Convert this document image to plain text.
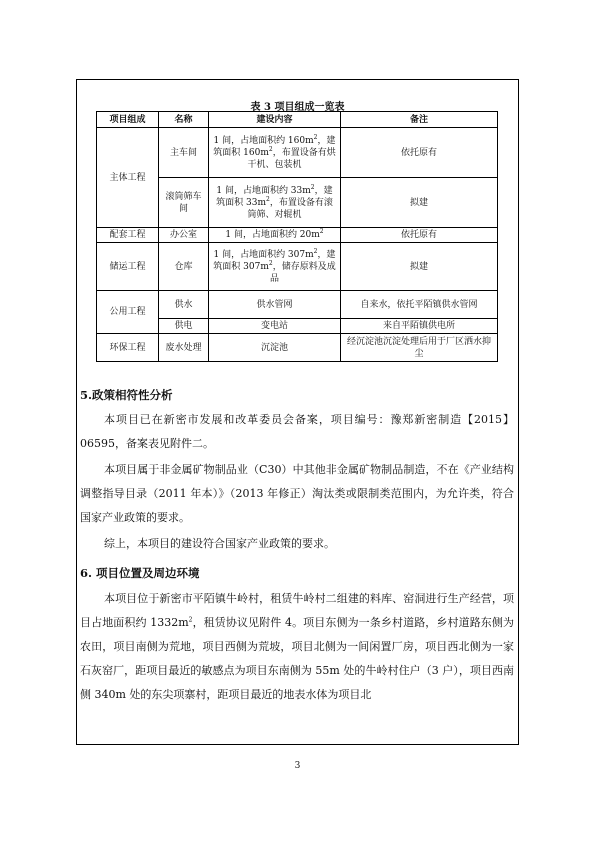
表 3 项目组成一览表
项目组成	名称	建设内容	备注
主体工程	主车间	1 间，占地面积约 $160m^2$，建筑面积 $160m^2$，布置设备有烘干机、包装机	依托原有
	滚筒筛车间	1 间，占地面积约 $33m^2$，建筑面积 $33m^2$，布置设备有滚筒筛、对辊机	拟建
配套工程	办公室	1 间，占地面积约 $20m^2$	依托原有
储运工程	仓库	1 间，占地面积约 $307m^2$，建筑面积 $307m^2$，储存原料及成品	拟建
公用工程	供水	供水管网	自来水，依托平陌镇供水管网
	供电	变电站	来自平陌镇供电所
环保工程	废水处理	沉淀池	经沉淀池沉淀处理后用于厂区洒水抑尘
5.政策相符性分析
本项目已在新密市发展和改革委员会备案，项目编号：豫郑新密制造【2015】06595，备案表见附件二。
本项目属于非金属矿物制品业（C30）中其他非金属矿物制品制造，不在《产业结构调整指导目录（2011 年本）》（2013 年修正）淘汰类或限制类范围内，为允许类，符合国家产业政策的要求。
综上，本项目的建设符合国家产业政策的要求。
6. 项目位置及周边环境
本项目位于新密市平陌镇牛岭村，租赁牛岭村二组建的料库、窑洞进行生产经营，项目占地面积约 $1332m^2$，租赁协议见附件 4。项目东侧为一条乡村道路，乡村道路东侧为农田，项目南侧为荒地，项目西侧为荒坡，项目北侧为一间闲置厂房，项目西北侧为一家石灰窑厂，距项目最近的敏感点为项目东南侧为 55m 处的牛岭村住户（3 户），项目西南侧 340m 处的东尖项寨村，距项目最近的地表水体为项目北
3
